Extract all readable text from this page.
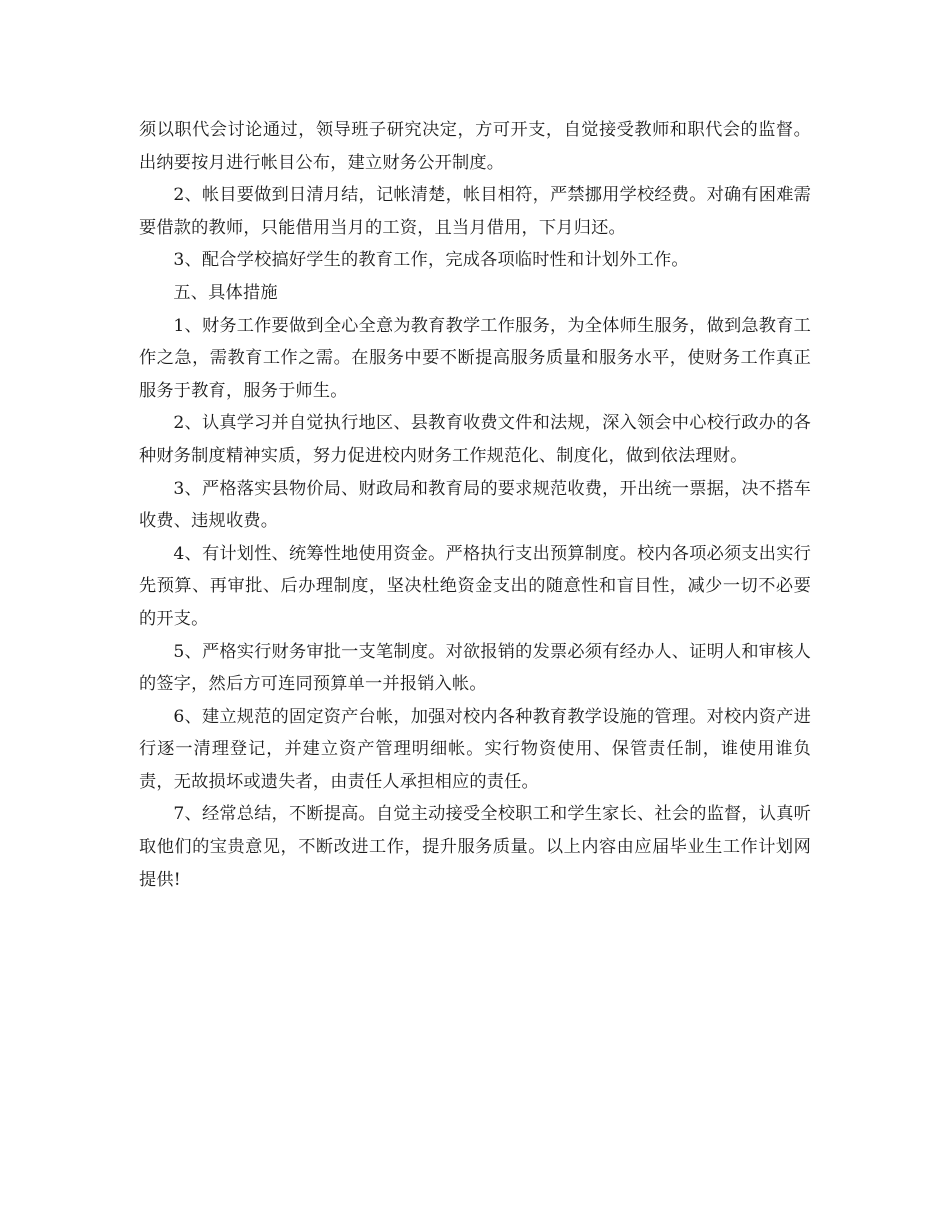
须以职代会讨论通过，领导班子研究决定，方可开支，自觉接受教师和职代会的监督。出纳要按月进行帐目公布，建立财务公开制度。

2、帐目要做到日清月结，记帐清楚，帐目相符，严禁挪用学校经费。对确有困难需要借款的教师，只能借用当月的工资，且当月借用，下月归还。

3、配合学校搞好学生的教育工作，完成各项临时性和计划外工作。

五、具体措施

1、财务工作要做到全心全意为教育教学工作服务，为全体师生服务，做到急教育工作之急，需教育工作之需。在服务中要不断提高服务质量和服务水平，使财务工作真正服务于教育，服务于师生。

2、认真学习并自觉执行地区、县教育收费文件和法规，深入领会中心校行政办的各种财务制度精神实质，努力促进校内财务工作规范化、制度化，做到依法理财。

3、严格落实县物价局、财政局和教育局的要求规范收费，开出统一票据，决不搭车收费、违规收费。

4、有计划性、统筹性地使用资金。严格执行支出预算制度。校内各项必须支出实行先预算、再审批、后办理制度，坚决杜绝资金支出的随意性和盲目性，减少一切不必要的开支。

5、严格实行财务审批一支笔制度。对欲报销的发票必须有经办人、证明人和审核人的签字，然后方可连同预算单一并报销入帐。

6、建立规范的固定资产台帐，加强对校内各种教育教学设施的管理。对校内资产进行逐一清理登记，并建立资产管理明细帐。实行物资使用、保管责任制，谁使用谁负责，无故损坏或遗失者，由责任人承担相应的责任。

7、经常总结，不断提高。自觉主动接受全校职工和学生家长、社会的监督，认真听取他们的宝贵意见，不断改进工作，提升服务质量。以上内容由应届毕业生工作计划网提供!
